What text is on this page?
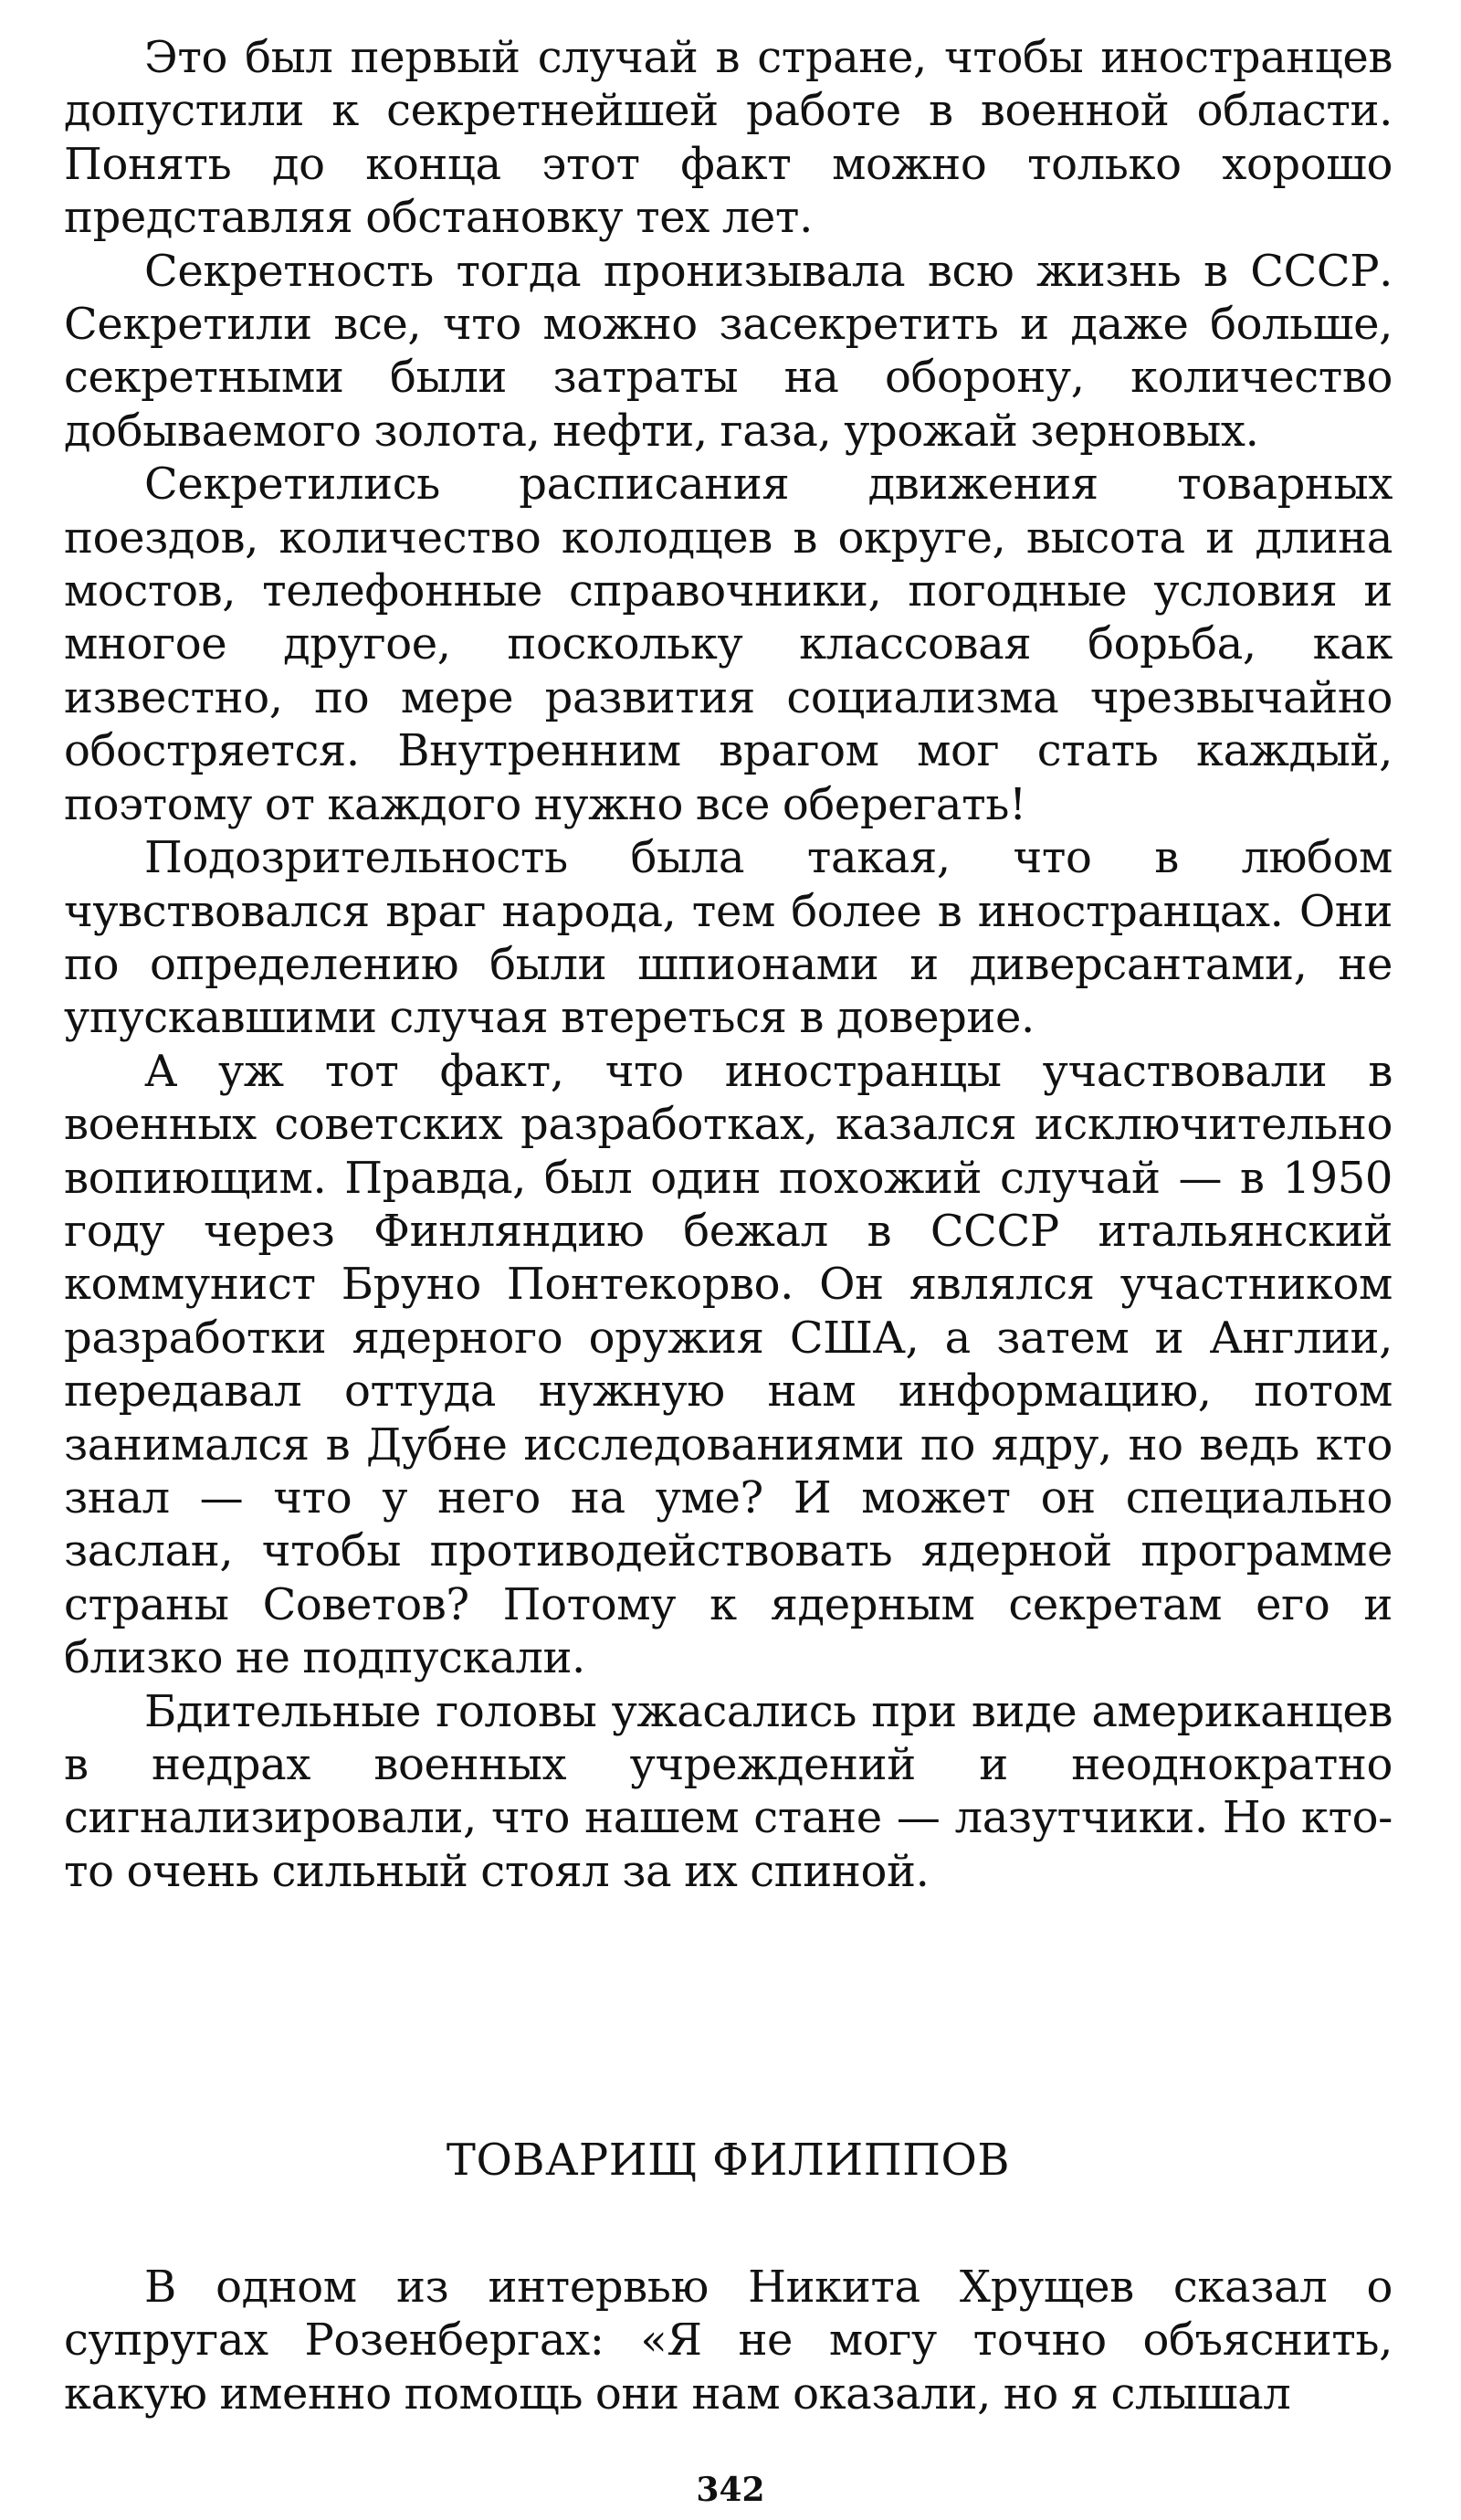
Это был первый случай в стране, чтобы иностранцев допустили к секретнейшей работе в военной области. Понять до конца этот факт можно только хорошо представляя обстановку тех лет.

Секретность тогда пронизывала всю жизнь в СССР. Секретили все, что можно засекретить и даже больше, секретными были затраты на оборону, количество добываемого золота, нефти, газа, урожай зерновых.

Секретились расписания движения товарных поездов, количество колодцев в округе, высота и длина мостов, телефонные справочники, погодные условия и многое другое, поскольку классовая борьба, как известно, по мере развития социализма чрезвычайно обостряется. Внутренним врагом мог стать каждый, поэтому от каждого нужно все оберегать!

Подозрительность была такая, что в любом чувствовался враг народа, тем более в иностранцах. Они по определению были шпионами и диверсантами, не упускавшими случая втереться в доверие.

А уж тот факт, что иностранцы участвовали в военных советских разработках, казался исключительно вопиющим. Правда, был один похожий случай — в 1950 году через Финляндию бежал в СССР итальянский коммунист Бруно Понтекорво. Он являлся участником разработки ядерного оружия США, а затем и Англии, передавал оттуда нужную нам информацию, потом занимался в Дубне исследованиями по ядру, но ведь кто знал — что у него на уме? И может он специально заслан, чтобы противодействовать ядерной программе страны Советов? Потому к ядерным секретам его и близко не подпускали.

Бдительные головы ужасались при виде американцев в недрах военных учреждений и неоднократно сигнализировали, что нашем стане — лазутчики. Но кто-то очень сильный стоял за их спиной.

ТОВАРИЩ ФИЛИППОВ

В одном из интервью Никита Хрущев сказал о супругах Розенбергах: «Я не могу точно объяснить, какую именно помощь они нам оказали, но я слышал

342
